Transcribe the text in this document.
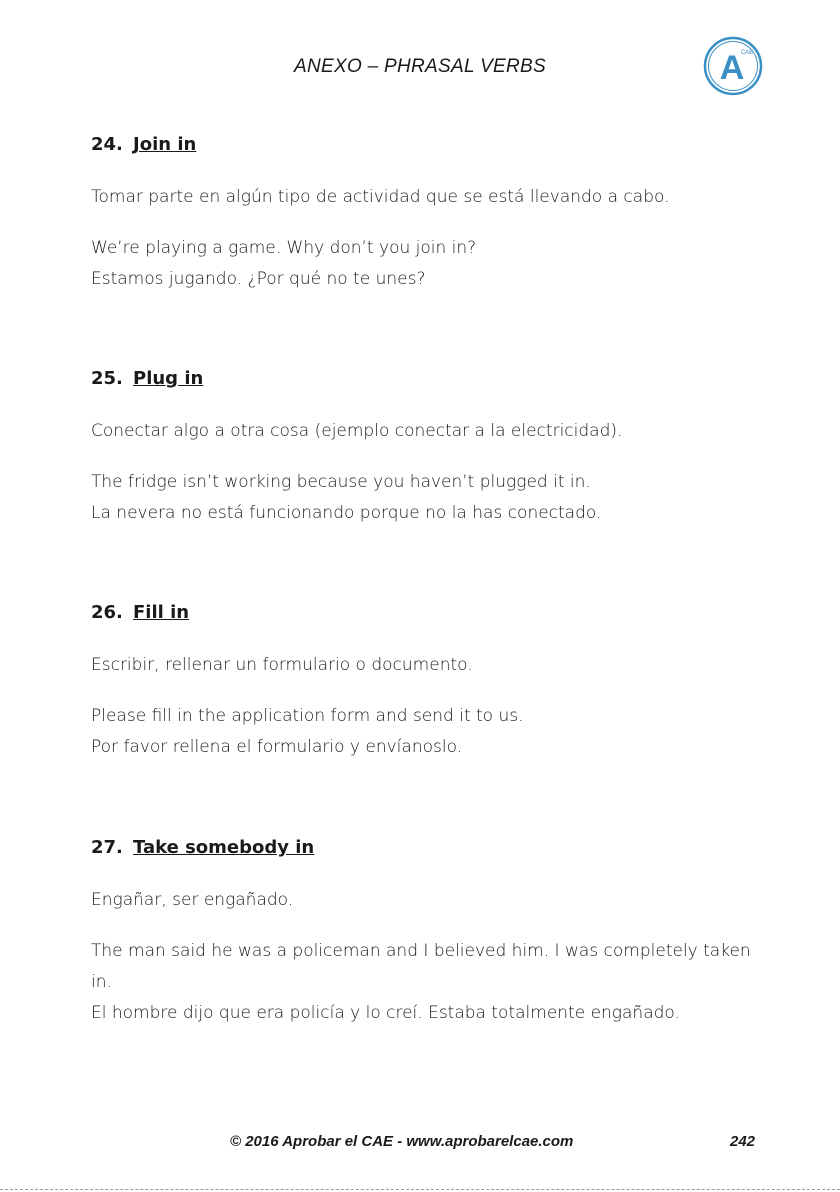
ANEXO – PHRASAL VERBS	A
CAE
24. Join in

Tomar parte en algún tipo de actividad que se está llevando a cabo.

We’re playing a game. Why don’t you join in?

Estamos jugando. ¿Por qué no te unes?

25. Plug in

Conectar algo a otra cosa (ejemplo conectar a la electricidad).

The fridge isn’t working because you haven’t plugged it in.

La nevera no está funcionando porque no la has conectado.

26. Fill in

Escribir, rellenar un formulario o documento.

Please fill in the application form and send it to us.

Por favor rellena el formulario y envíanoslo.

27. Take somebody in

Engañar, ser engañado.

The man said he was a policeman and I believed him. I was completely taken in.

El hombre dijo que era policía y lo creí. Estaba totalmente engañado.

© 2016 Aprobar el CAE - www.aprobarelcae.com	242
